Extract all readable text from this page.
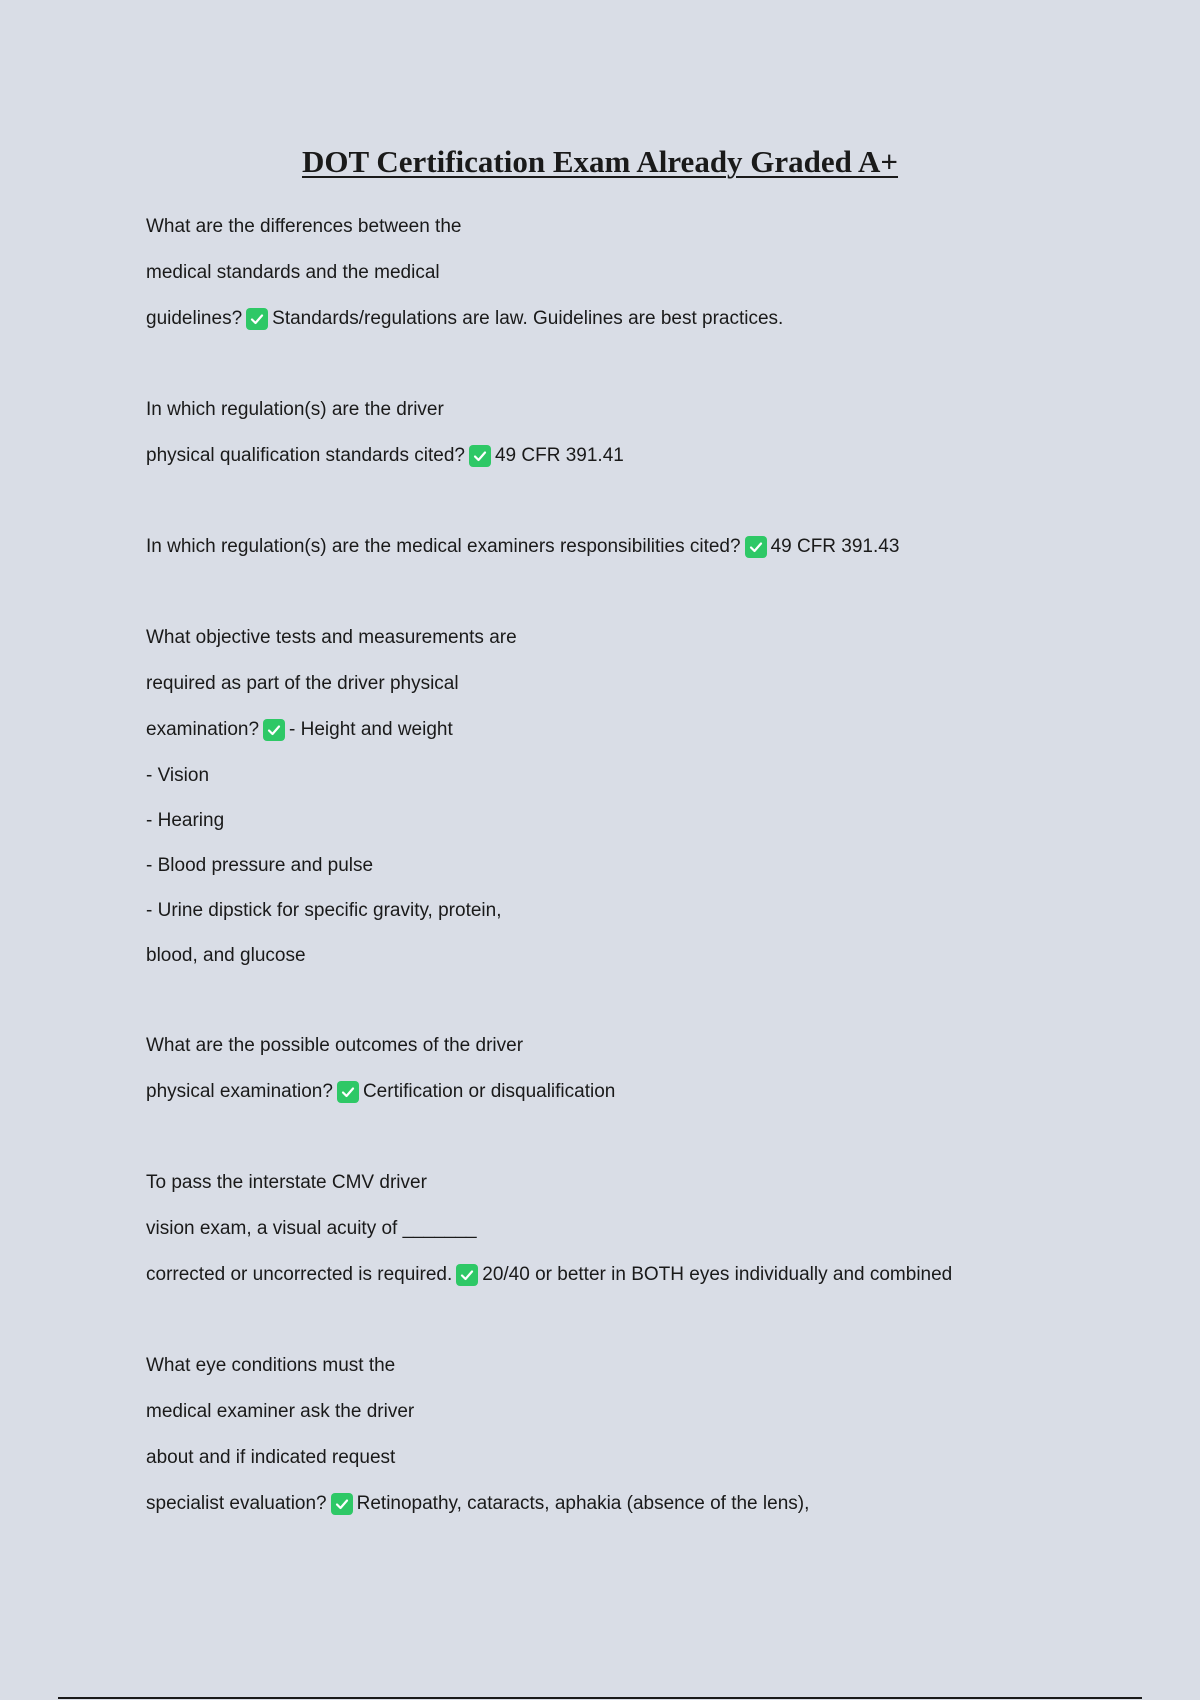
DOT Certification Exam Already Graded A+
What are the differences between the
medical standards and the medical
guidelines? Standards/regulations are law. Guidelines are best practices.
In which regulation(s) are the driver
physical qualification standards cited? 49 CFR 391.41
In which regulation(s) are the medical examiners responsibilities cited? 49 CFR 391.43
What objective tests and measurements are
required as part of the driver physical
examination? - Height and weight
- Vision
- Hearing
- Blood pressure and pulse
- Urine dipstick for specific gravity, protein,
blood, and glucose
What are the possible outcomes of the driver
physical examination? Certification or disqualification
To pass the interstate CMV driver
vision exam, a visual acuity of _______
corrected or uncorrected is required. 20/40 or better in BOTH eyes individually and combined
What eye conditions must the
medical examiner ask the driver
about and if indicated request
specialist evaluation? Retinopathy, cataracts, aphakia (absence of the lens),
